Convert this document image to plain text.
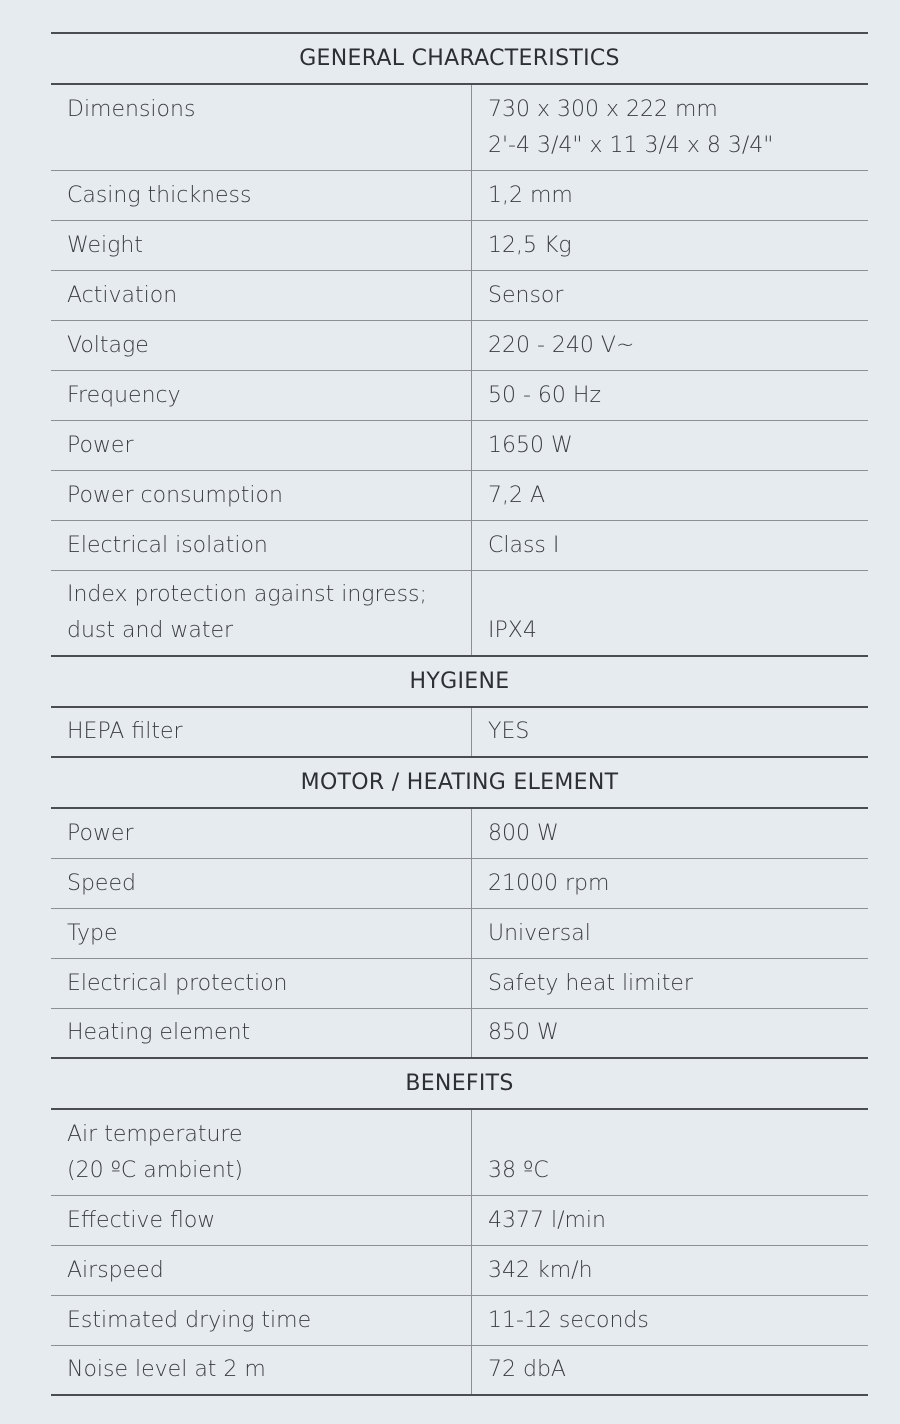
GENERAL CHARACTERISTICS
Dimensions	730 x 300 x 222 mm
2'-4 3/4" x 11 3/4 x 8 3/4"
Casing thickness	1,2 mm
Weight	12,5 Kg
Activation	Sensor
Voltage	220 - 240 V~
Frequency	50 - 60 Hz
Power	1650 W
Power consumption	7,2 A
Electrical isolation	Class I
Index protection against ingress;
dust and water	IPX4
HYGIENE
HEPA filter	YES
MOTOR / HEATING ELEMENT
Power	800 W
Speed	21000 rpm
Type	Universal
Electrical protection	Safety heat limiter
Heating element	850 W
BENEFITS
Air temperature
(20 ºC ambient)	38 ºC
Effective flow	4377 l/min
Airspeed	342 km/h
Estimated drying time	11-12 seconds
Noise level at 2 m	72 dbA
